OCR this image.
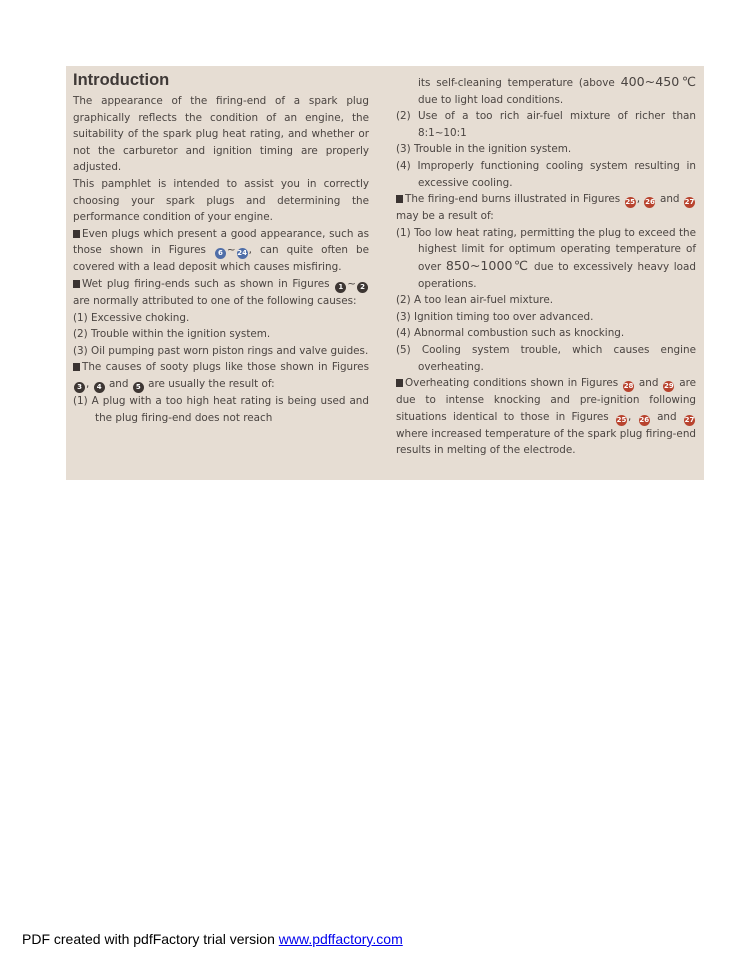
Introduction

The appearance of the firing-end of a spark plug graphically reflects the condition of an engine, the suitability of the spark plug heat rating, and whether or not the carburetor and ignition timing are properly adjusted.

This pamphlet is intended to assist you in correctly choosing your spark plugs and determining the performance condition of your engine.

Even plugs which present a good appearance, such as those shown in Figures 6 ~ 24 , can quite often be covered with a lead deposit which causes misfiring.

Wet plug firing-ends such as shown in Figures 1 ~ 2 are normally attributed to one of the following causes:

(1) Excessive choking.

(2) Trouble within the ignition system.

(3) Oil pumping past worn piston rings and valve guides.

The causes of sooty plugs like those shown in Figures 3 , 4 and 5 are usually the result of:

(1) A plug with a too high heat rating is being used and the plug firing-end does not reach

its self-cleaning temperature (above 400~450℃ due to light load conditions.

(2) Use of a too rich air-fuel mixture of richer than 8:1~10:1

(3) Trouble in the ignition system.

(4) Improperly functioning cooling system resulting in excessive cooling.

The firing-end burns illustrated in Figures 25 , 26 and 27 may be a result of:

(1) Too low heat rating, permitting the plug to exceed the highest limit for optimum operating temperature of over 850~1000℃ due to excessively heavy load operations.

(2) A too lean air-fuel mixture.

(3) Ignition timing too over advanced.

(4) Abnormal combustion such as knocking.

(5) Cooling system trouble, which causes engine overheating.

Overheating conditions shown in Figures 28 and 29 are due to intense knocking and pre-ignition following situations identical to those in Figures 25 , 26 and 27 where increased temperature of the spark plug firing-end results in melting of the electrode.

PDF created with pdfFactory trial version www.pdffactory.com
